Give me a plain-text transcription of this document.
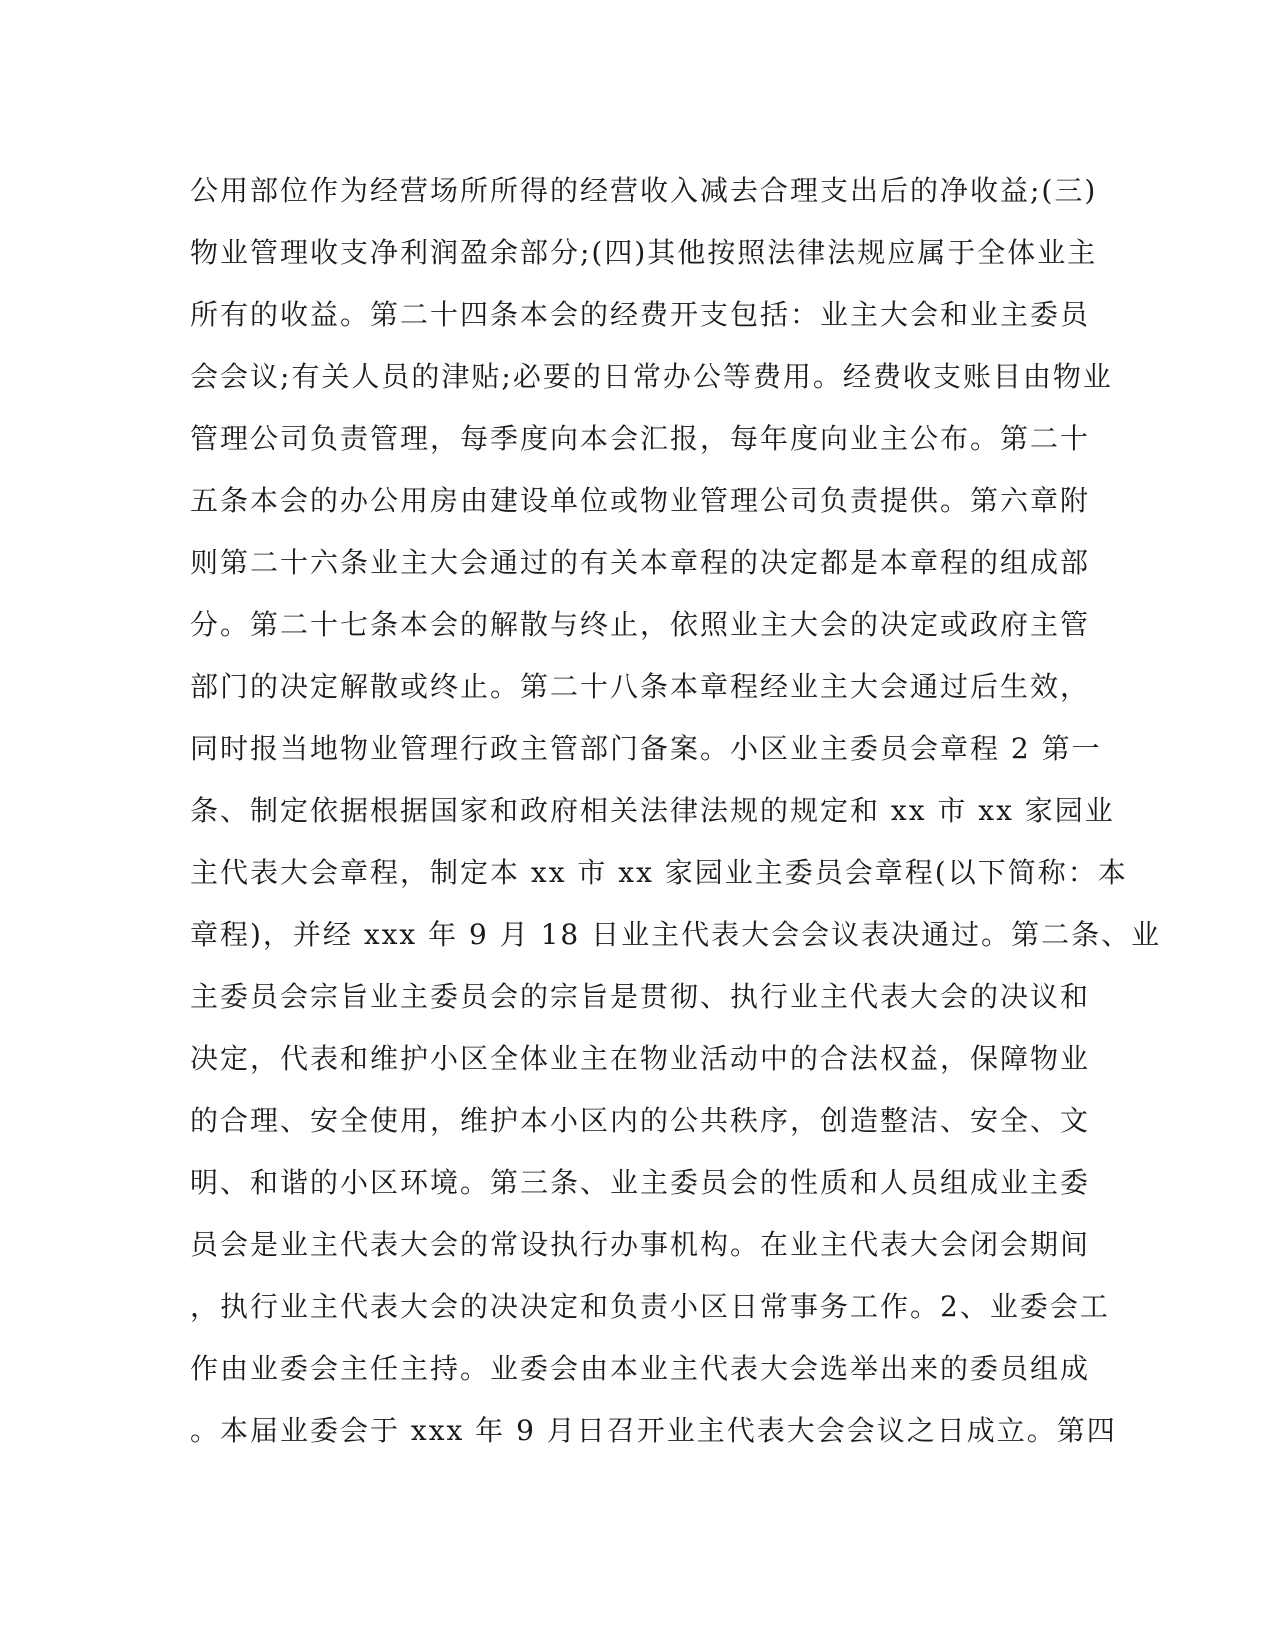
公用部位作为经营场所所得的经营收入减去合理支出后的净收益;(三)
物业管理收支净利润盈余部分;(四)其他按照法律法规应属于全体业主
所有的收益。第二十四条本会的经费开支包括：业主大会和业主委员
会会议;有关人员的津贴;必要的日常办公等费用。经费收支账目由物业
管理公司负责管理，每季度向本会汇报，每年度向业主公布。第二十
五条本会的办公用房由建设单位或物业管理公司负责提供。第六章附
则第二十六条业主大会通过的有关本章程的决定都是本章程的组成部
分。第二十七条本会的解散与终止，依照业主大会的决定或政府主管
部门的决定解散或终止。第二十八条本章程经业主大会通过后生效，
同时报当地物业管理行政主管部门备案。小区业主委员会章程 2 第一
条、制定依据根据国家和政府相关法律法规的规定和 xx 市 xx 家园业
主代表大会章程，制定本 xx 市 xx 家园业主委员会章程(以下简称：本
章程)，并经 xxx 年 9 月 18 日业主代表大会会议表决通过。第二条、业
主委员会宗旨业主委员会的宗旨是贯彻、执行业主代表大会的决议和
决定，代表和维护小区全体业主在物业活动中的合法权益，保障物业
的合理、安全使用，维护本小区内的公共秩序，创造整洁、安全、文
明、和谐的小区环境。第三条、业主委员会的性质和人员组成业主委
员会是业主代表大会的常设执行办事机构。在业主代表大会闭会期间
，执行业主代表大会的决决定和负责小区日常事务工作。2、业委会工
作由业委会主任主持。业委会由本业主代表大会选举出来的委员组成
。本届业委会于 xxx 年 9 月日召开业主代表大会会议之日成立。第四
